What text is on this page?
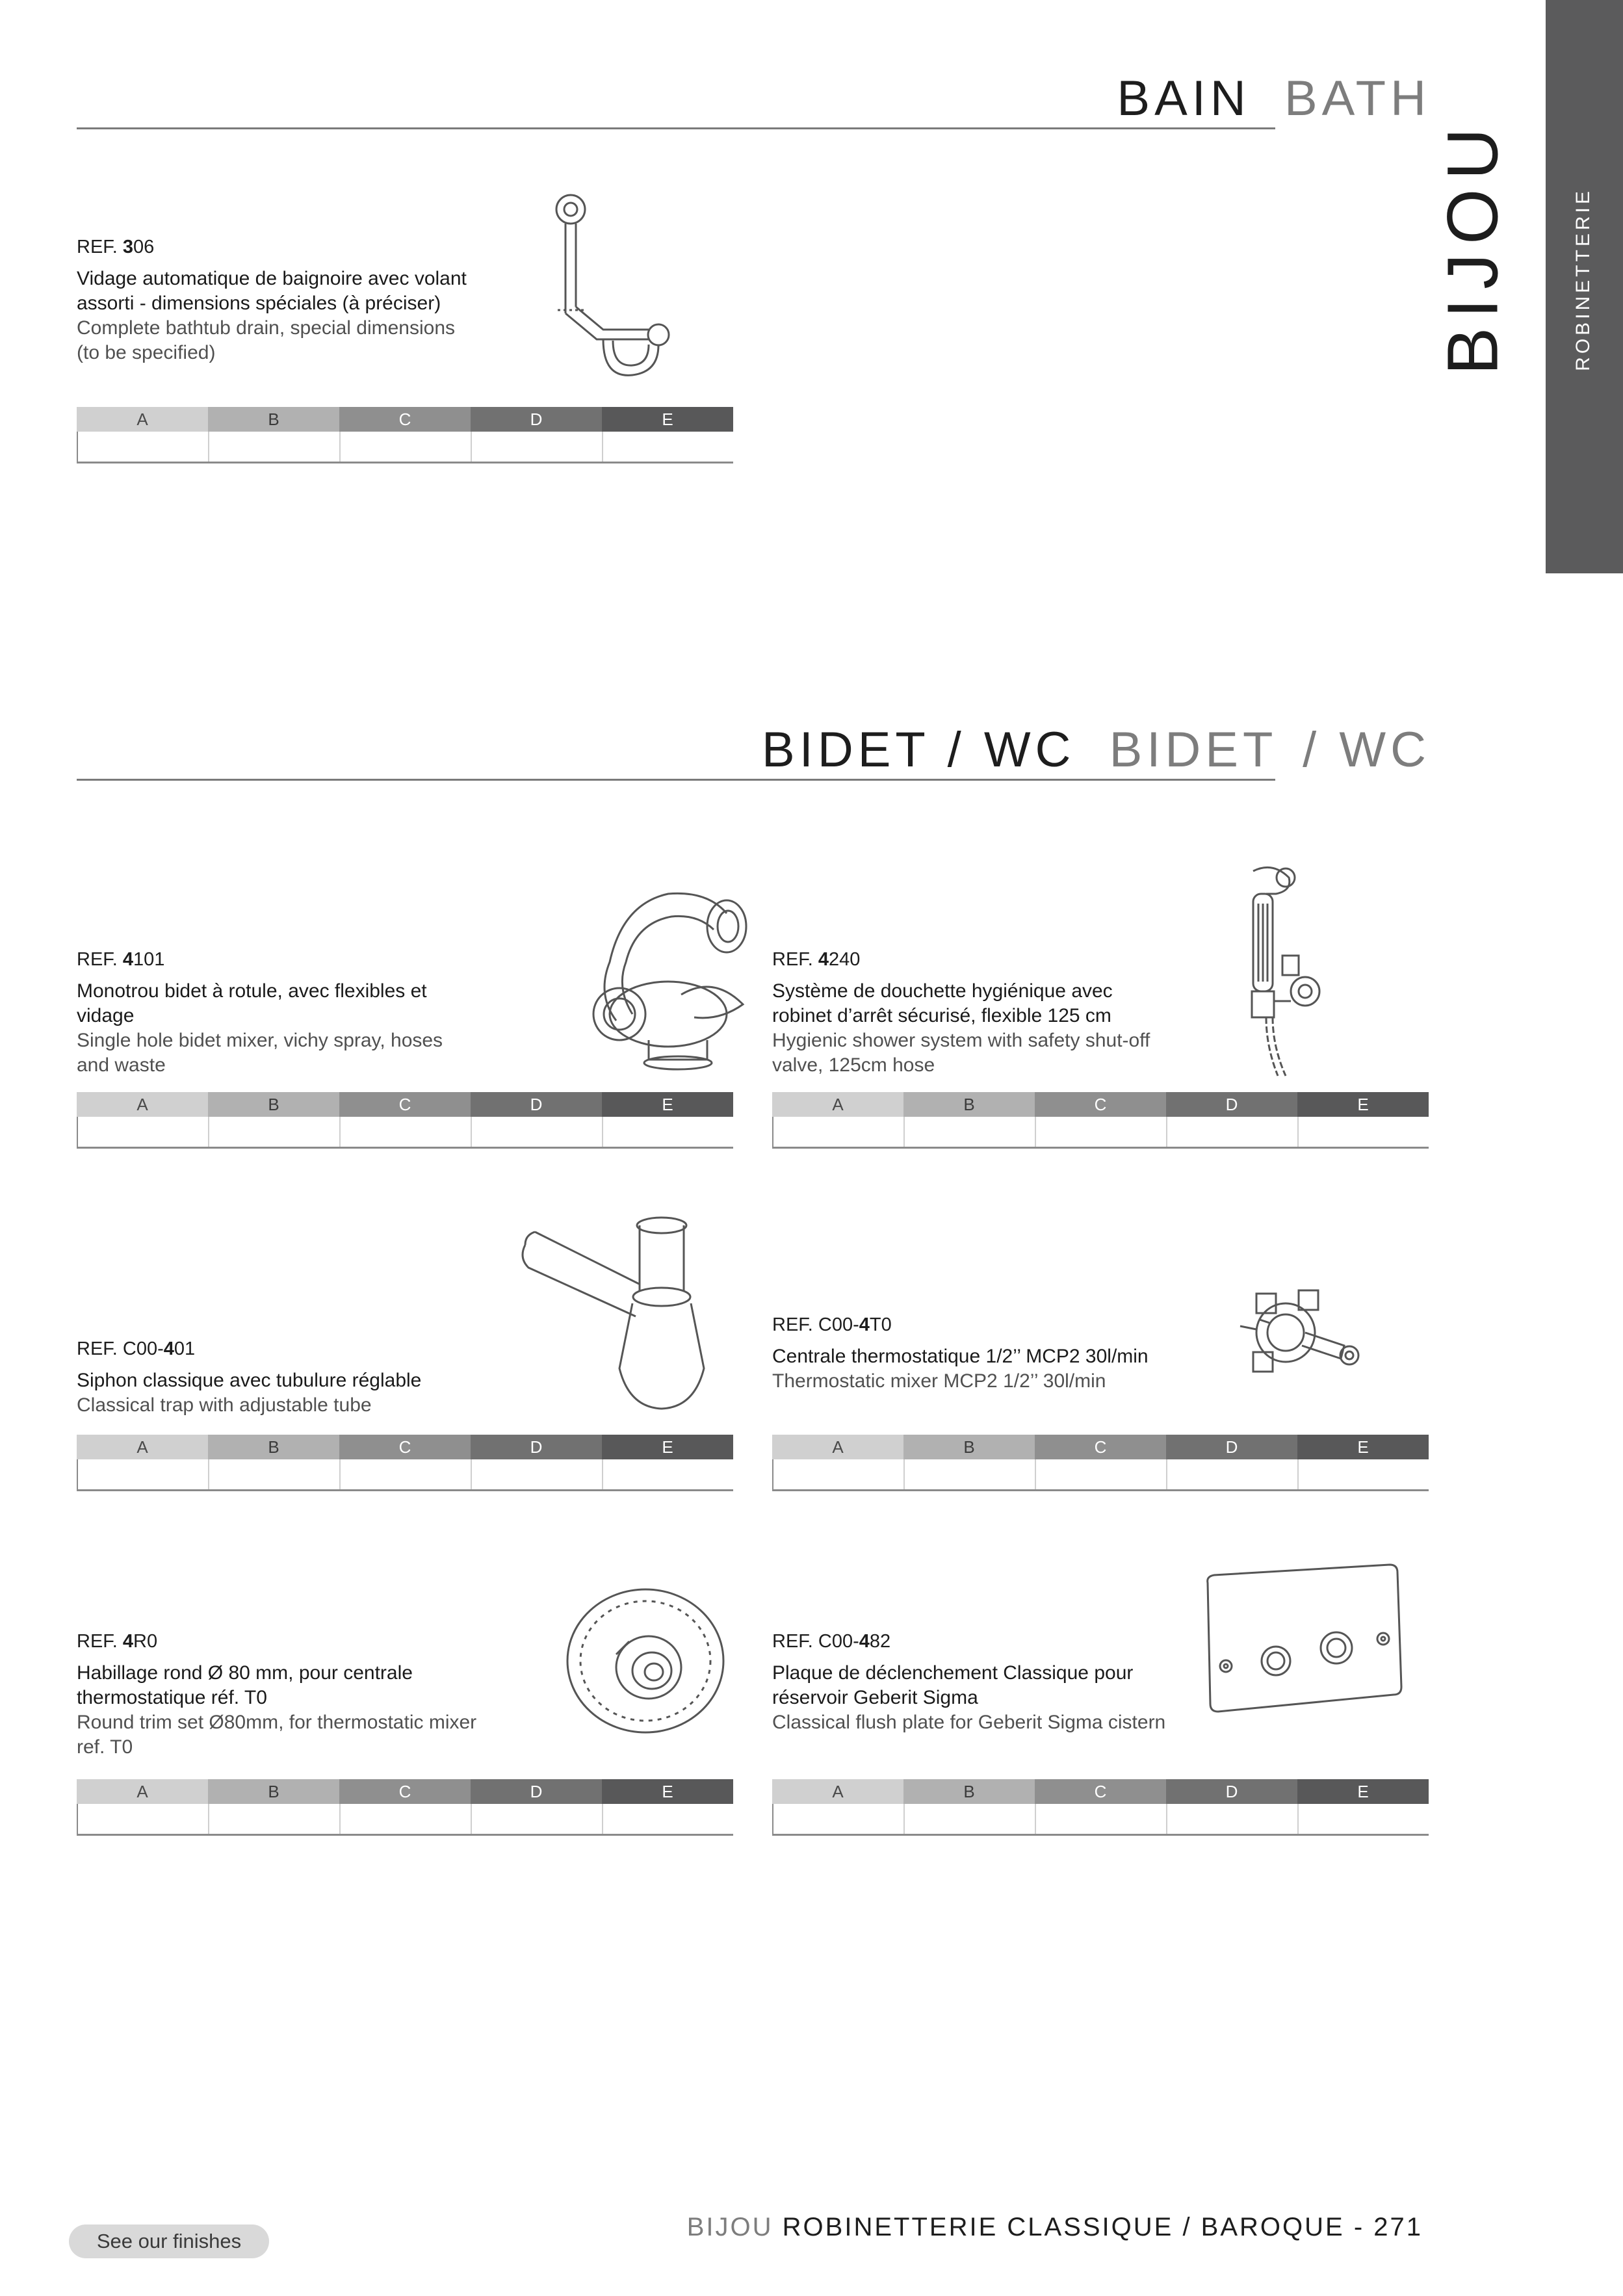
ROBINETTERIE
BIJOU
BAIN BATH
BIDET / WC BIDET / WC

REF. 306

Vidage automatique de baignoire avec volant assorti - dimensions spéciales (à préciser)

Complete bathtub drain, special dimensions (to be specified)

A	B	C	D	E

REF. 4101

Monotrou bidet à rotule, avec flexibles et vidage

Single hole bidet mixer, vichy spray, hoses and waste

A	B	C	D	E

REF. 4240

Système de douchette hygiénique avec robinet d’arrêt sécurisé, flexible 125 cm

Hygienic shower system with safety shut-off valve, 125cm hose

A	B	C	D	E

REF. C00-401

Siphon classique avec tubulure réglable

Classical trap with adjustable tube

A	B	C	D	E

REF. C00-4T0

Centrale thermostatique 1/2’’ MCP2 30l/min

Thermostatic mixer MCP2 1/2’’ 30l/min

A	B	C	D	E

REF. 4R0

Habillage rond Ø 80 mm, pour centrale thermostatique réf. T0

Round trim set Ø80mm, for thermostatic mixer ref. T0

A	B	C	D	E

REF. C00-482

Plaque de déclenchement Classique pour réservoir Geberit Sigma

Classical flush plate for Geberit Sigma cistern

A	B	C	D	E
See our finishes	BIJOU ROBINETTERIE CLASSIQUE / BAROQUE - 271
